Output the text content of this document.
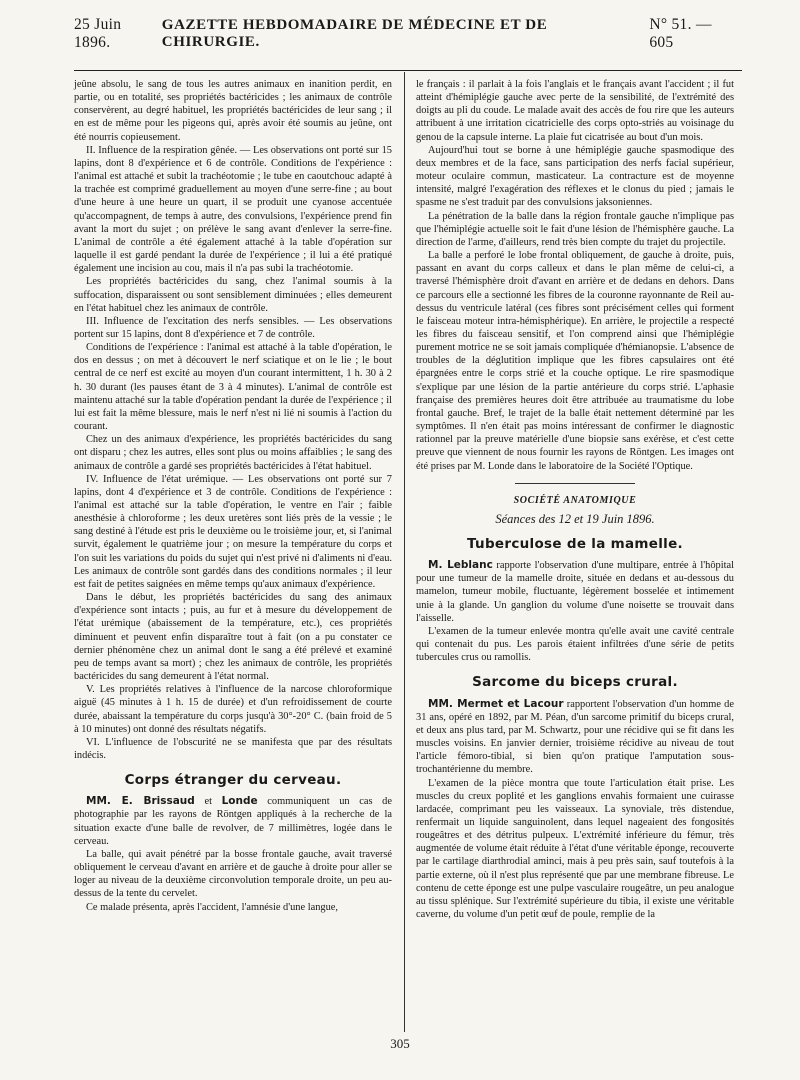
25 Juin 1896.
GAZETTE HEBDOMADAIRE DE MÉDECINE ET DE CHIRURGIE.
N° 51. — 605

jeûne absolu, le sang de tous les autres animaux en inanition perdit, en partie, ou en totalité, ses propriétés bactéricides ; les animaux de contrôle conservèrent, au degré habituel, les propriétés bactéricides de leur sang ; il en est de même pour les pigeons qui, après avoir été soumis au jeûne, ont été nourris copieusement.

II. Influence de la respiration gênée. — Les observations ont porté sur 15 lapins, dont 8 d'expérience et 6 de contrôle. Conditions de l'expérience : l'animal est attaché et subit la trachéotomie ; le tube en caoutchouc adapté à la trachée est comprimé graduellement au moyen d'une serre-fine ; au bout d'une heure à une heure un quart, il se produit une cyanose accentuée qu'accompagnent, de temps à autre, des convulsions, l'expérience prend fin avant la mort du sujet ; on prélève le sang avant d'enlever la serre-fine. L'animal de contrôle a été également attaché à la table d'opération sur laquelle il est gardé pendant la durée de l'expérience ; il lui a été pratiqué également une incision au cou, mais il n'a pas subi la trachéotomie.

Les propriétés bactéricides du sang, chez l'animal soumis à la suffocation, disparaissent ou sont sensiblement diminuées ; elles demeurent en l'état habituel chez les animaux de contrôle.

III. Influence de l'excitation des nerfs sensibles. — Les observations portent sur 15 lapins, dont 8 d'expérience et 7 de contrôle.

Conditions de l'expérience : l'animal est attaché à la table d'opération, le dos en dessus ; on met à découvert le nerf sciatique et on le lie ; le bout central de ce nerf est excité au moyen d'un courant intermittent, 1 h. 30 à 2 h. 30 durant (les pauses étant de 3 à 4 minutes). L'animal de contrôle est maintenu attaché sur la table d'opération pendant la durée de l'expérience ; il lui est fait la même blessure, mais le nerf n'est ni lié ni soumis à l'action du courant.

Chez un des animaux d'expérience, les propriétés bactéricides du sang ont disparu ; chez les autres, elles sont plus ou moins affaiblies ; le sang des animaux de contrôle a gardé ses propriétés bactéricides à l'état habituel.

IV. Influence de l'état urémique. — Les observations ont porté sur 7 lapins, dont 4 d'expérience et 3 de contrôle. Conditions de l'expérience : l'animal est attaché sur la table d'opération, le ventre en l'air ; faible anesthésie à chloroforme ; les deux uretères sont liés près de la vessie ; le sang destiné à l'étude est pris le deuxième ou le troisième jour, et, si l'animal survit, également le quatrième jour ; on mesure la température du corps et l'on suit les variations du poids du sujet qui n'est privé ni d'aliments ni d'eau. Les animaux de contrôle sont gardés dans des conditions normales ; il leur est fait de petites saignées en même temps qu'aux animaux d'expérience.

Dans le début, les propriétés bactéricides du sang des animaux d'expérience sont intacts ; puis, au fur et à mesure du développement de l'état urémique (abaissement de la température, etc.), ces propriétés diminuent et peuvent enfin disparaître tout à fait (on a pu constater ce dernier phénomène chez un animal dont le sang a été prélevé et examiné peu de temps avant sa mort) ; chez les animaux de contrôle, les propriétés bactéricides du sang demeurent à l'état normal.

V. Les propriétés relatives à l'influence de la narcose chloroformique aiguë (45 minutes à 1 h. 15 de durée) et d'un refroidissement de courte durée, abaissant la température du corps jusqu'à 30°-20° C. (bain froid de 5 à 10 minutes) ont donné des résultats négatifs.

VI. L'influence de l'obscurité ne se manifesta que par des résultats indécis.

Corps étranger du cerveau.

MM. E. Brissaud et Londe communiquent un cas de photographie par les rayons de Röntgen appliqués à la recherche de la situation exacte d'une balle de revolver, de 7 millimètres, logée dans le cerveau.

La balle, qui avait pénétré par la bosse frontale gauche, avait traversé obliquement le cerveau d'avant en arrière et de gauche à droite pour aller se loger au niveau de la deuxième circonvolution temporale droite, un peu au-dessus de la tente du cervelet.

Ce malade présenta, après l'accident, l'amnésie d'une langue,

le français : il parlait à la fois l'anglais et le français avant l'accident ; il fut atteint d'hémiplégie gauche avec perte de la sensibilité, de l'extrémité des doigts au pli du coude. Le malade avait des accès de fou rire que les auteurs attribuent à une irritation cicatricielle des corps opto-striés au voisinage du genou de la capsule interne. La plaie fut cicatrisée au bout d'un mois.

Aujourd'hui tout se borne à une hémiplégie gauche spasmodique des deux membres et de la face, sans participation des nerfs facial supérieur, moteur oculaire commun, masticateur. La contracture est de moyenne intensité, malgré l'exagération des réflexes et le clonus du pied ; jamais le spasme ne s'est traduit par des convulsions jaksoniennes.

La pénétration de la balle dans la région frontale gauche n'implique pas que l'hémiplégie actuelle soit le fait d'une lésion de l'hémisphère gauche. La direction de l'arme, d'ailleurs, rend très bien compte du trajet du projectile.

La balle a perforé le lobe frontal obliquement, de gauche à droite, puis, passant en avant du corps calleux et dans le plan même de celui-ci, a traversé l'hémisphère droit d'avant en arrière et de dedans en dehors. Dans ce parcours elle a sectionné les fibres de la couronne rayonnante de Reil au-dessus du ventricule latéral (ces fibres sont précisément celles qui forment le faisceau moteur intra-hémisphérique). En arrière, le projectile a respecté les fibres du faisceau sensitif, et l'on comprend ainsi que l'hémiplégie purement motrice ne se soit jamais compliquée d'hémianopsie. L'absence de troubles de la déglutition implique que les fibres capsulaires ont été épargnées entre le corps strié et la couche optique. Le rire spasmodique s'explique par une lésion de la partie antérieure du corps strié. L'aphasie française des premières heures doit être attribuée au traumatisme du lobe frontal gauche. Bref, le trajet de la balle était nettement déterminé par les symptômes. Il n'en était pas moins intéressant de confirmer le diagnostic rationnel par la preuve matérielle d'une biopsie sans exérèse, et c'est cette preuve que viennent de nous fournir les rayons de Röntgen. Les images ont été prises par M. Londe dans le laboratoire de la Société l'Optique.

SOCIÉTÉ ANATOMIQUE
Séances des 12 et 19 Juin 1896.
Tuberculose de la mamelle.

M. Leblanc rapporte l'observation d'une multipare, entrée à l'hôpital pour une tumeur de la mamelle droite, située en dedans et au-dessous du mamelon, tumeur mobile, fluctuante, légèrement bosselée et intimement unie à la glande. Un ganglion du volume d'une noisette se trouvait dans l'aisselle.

L'examen de la tumeur enlevée montra qu'elle avait une cavité centrale qui contenait du pus. Les parois étaient infiltrées d'une série de petits tubercules crus ou ramollis.

Sarcome du biceps crural.

MM. Mermet et Lacour rapportent l'observation d'un homme de 31 ans, opéré en 1892, par M. Péan, d'un sarcome primitif du biceps crural, et deux ans plus tard, par M. Schwartz, pour une récidive qui se fit dans les muscles voisins. En janvier dernier, troisième récidive au niveau de tout l'article fémoro-tibial, si bien qu'on pratique l'amputation sous-trochantérienne du membre.

L'examen de la pièce montra que toute l'articulation était prise. Les muscles du creux poplité et les ganglions envahis formaient une cuirasse lardacée, comprimant peu les vaisseaux. La synoviale, très distendue, renfermait un liquide sanguinolent, dans lequel nageaient des fongosités rougeâtres et des détritus pulpeux. L'extrémité inférieure du fémur, très augmentée de volume était réduite à l'état d'une véritable éponge, recouverte par le cartilage diarthrodial aminci, mais à peu près sain, sauf toutefois à la partie externe, où il n'est plus représenté que par une membrane fibreuse. Le contenu de cette éponge est une pulpe vasculaire rougeâtre, un peu analogue au tissu splénique. Sur l'extrémité supérieure du tibia, il existe une véritable caverne, du volume d'un petit œuf de poule, remplie de la

305
